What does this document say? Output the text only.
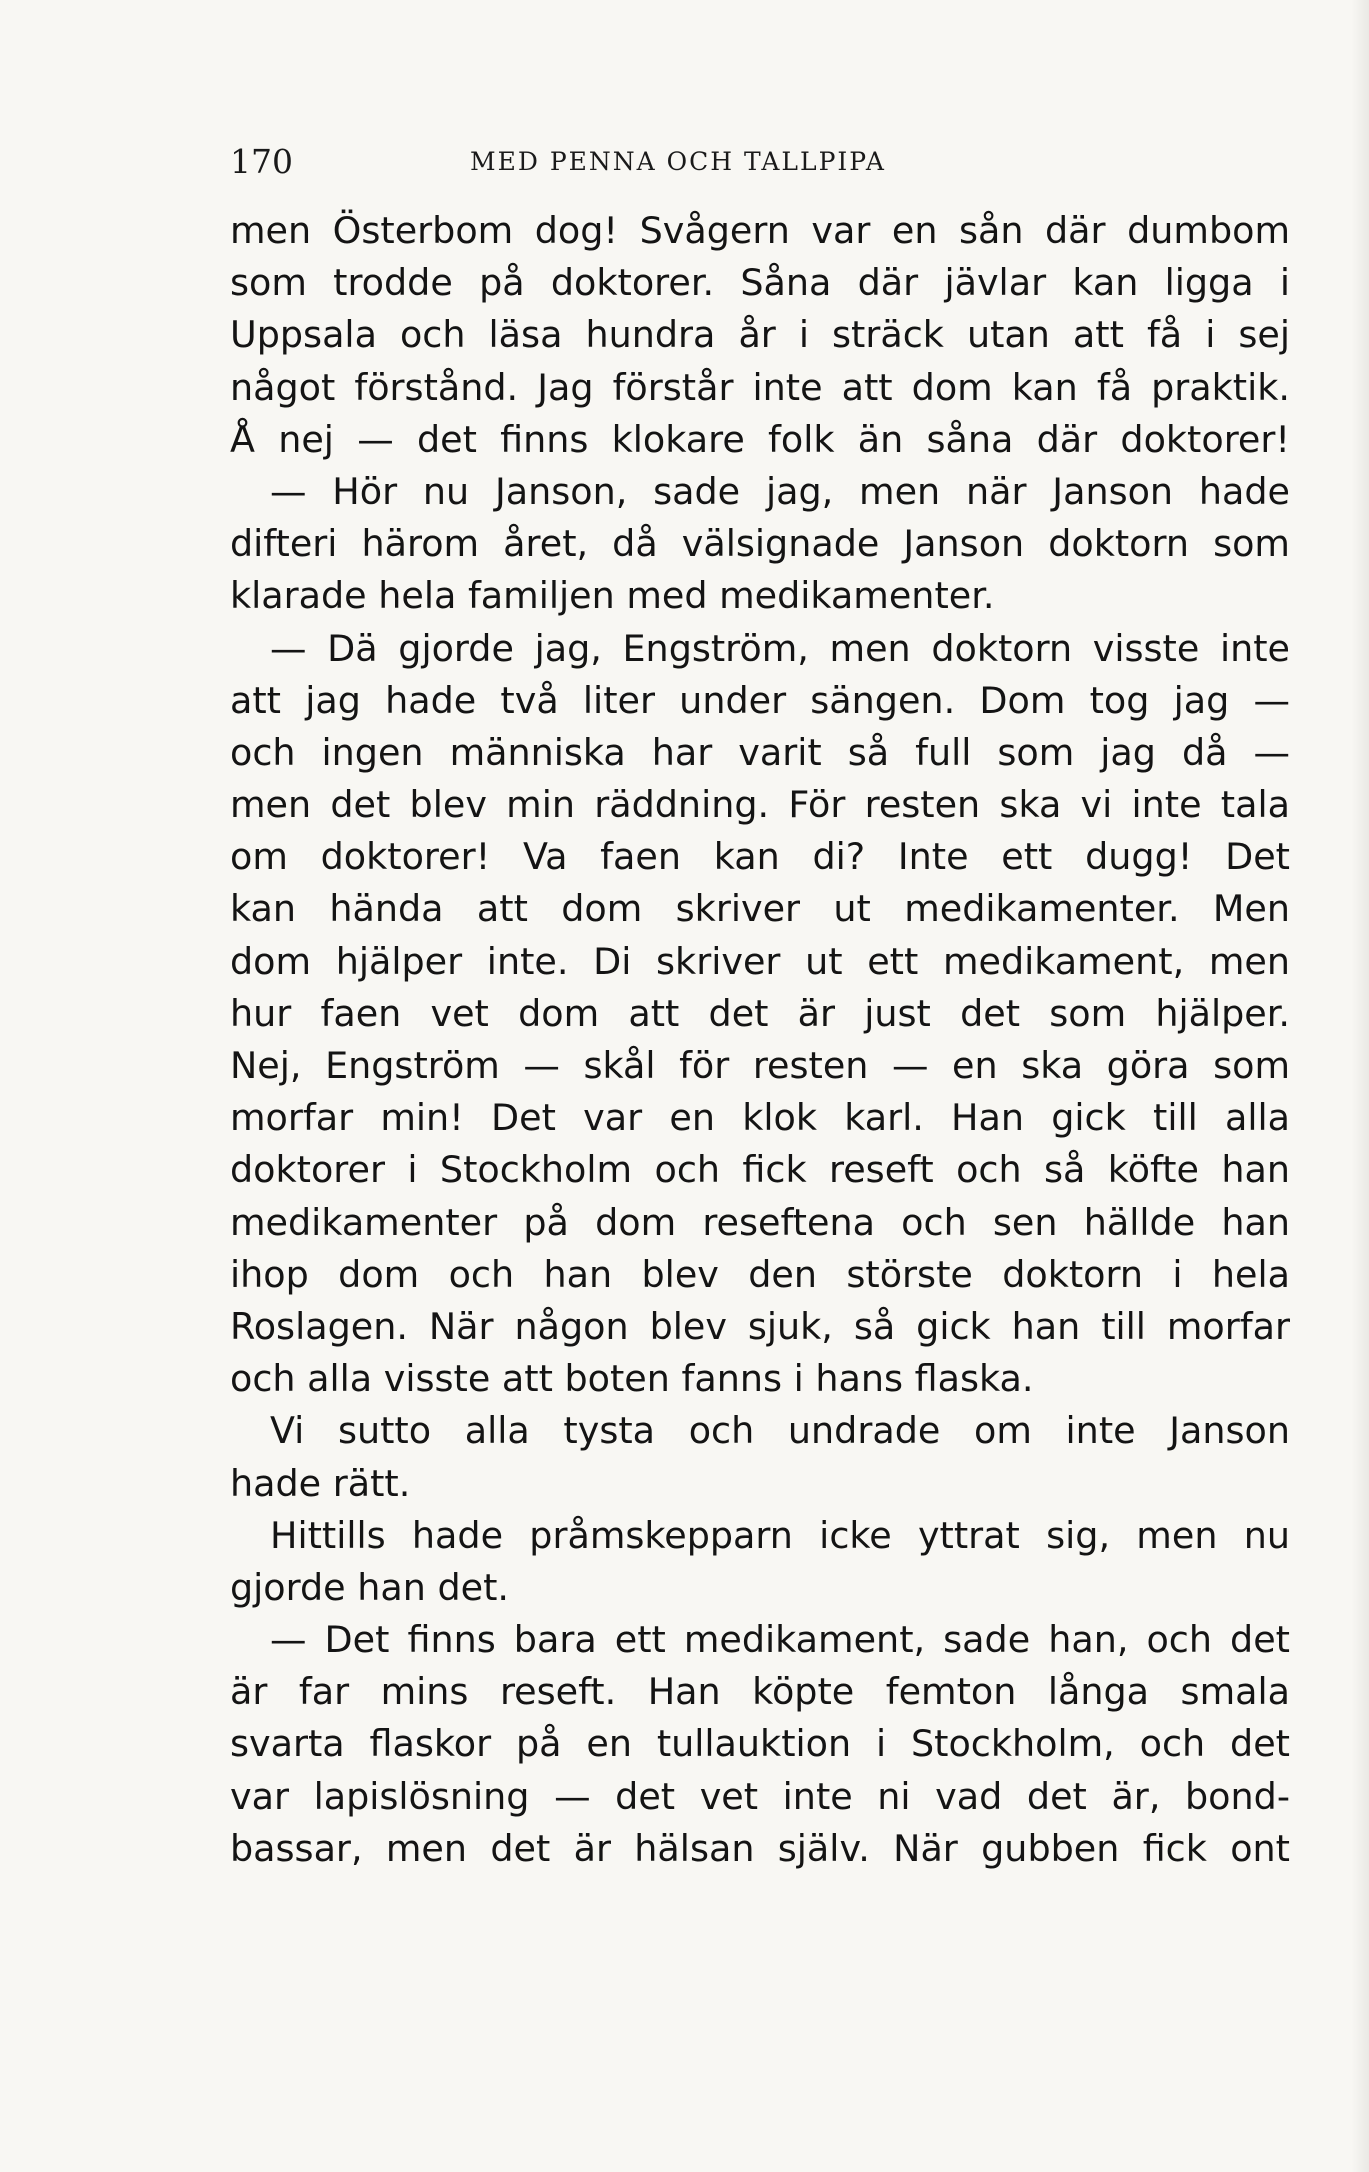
170	MED PENNA OCH TALLPIPA
men Österbom dog! Svågern var en sån där dumbom
som trodde på doktorer. Såna där jävlar kan ligga i
Uppsala och läsa hundra år i sträck utan att få i sej
något förstånd. Jag förstår inte att dom kan få praktik.
Å nej — det finns klokare folk än såna där doktorer!
— Hör nu Janson, sade jag, men när Janson hade
difteri härom året, då välsignade Janson doktorn som
klarade hela familjen med medikamenter.
— Dä gjorde jag, Engström, men doktorn visste inte
att jag hade två liter under sängen. Dom tog jag —
och ingen människa har varit så full som jag då —
men det blev min räddning. För resten ska vi inte tala
om doktorer! Va faen kan di? Inte ett dugg! Det
kan hända att dom skriver ut medikamenter. Men
dom hjälper inte. Di skriver ut ett medikament, men
hur faen vet dom att det är just det som hjälper.
Nej, Engström — skål för resten — en ska göra som
morfar min! Det var en klok karl. Han gick till alla
doktorer i Stockholm och fick reseft och så köfte han
medikamenter på dom reseftena och sen hällde han
ihop dom och han blev den störste doktorn i hela
Roslagen. När någon blev sjuk, så gick han till morfar
och alla visste att boten fanns i hans flaska.
Vi sutto alla tysta och undrade om inte Janson
hade rätt.
Hittills hade pråmskepparn icke yttrat sig, men nu
gjorde han det.
— Det finns bara ett medikament, sade han, och det
är far mins reseft. Han köpte femton långa smala
svarta flaskor på en tullauktion i Stockholm, och det
var lapislösning — det vet inte ni vad det är, bond-
bassar, men det är hälsan själv. När gubben fick ont
